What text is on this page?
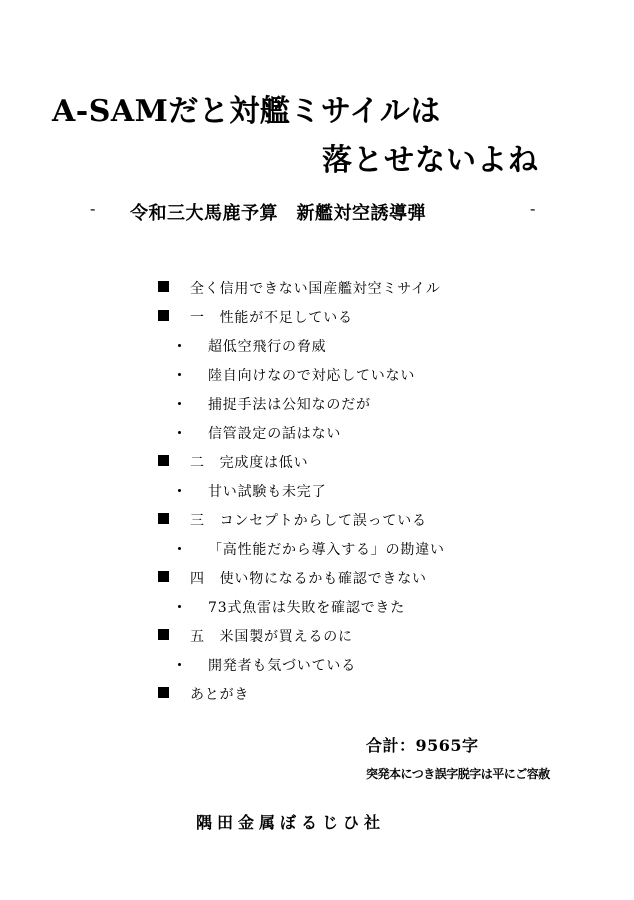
A-SAMだと対艦ミサイルは
落とせないよね
- 令和三大馬鹿予算　新艦対空誘導弾	-
全く信用できない国産艦対空ミサイル
一　性能が不足している
超低空飛行の脅威
陸自向けなので対応していない
捕捉手法は公知なのだが
信管設定の話はない
二　完成度は低い
甘い試験も未完了
三　コンセプトからして誤っている
「高性能だから導入する」の勘違い
四　使い物になるかも確認できない
73式魚雷は失敗を確認できた
五　米国製が買えるのに
開発者も気づいている
あとがき
合計：9565字
突発本につき誤字脱字は平にご容赦
隅田金属ぼるじひ社
